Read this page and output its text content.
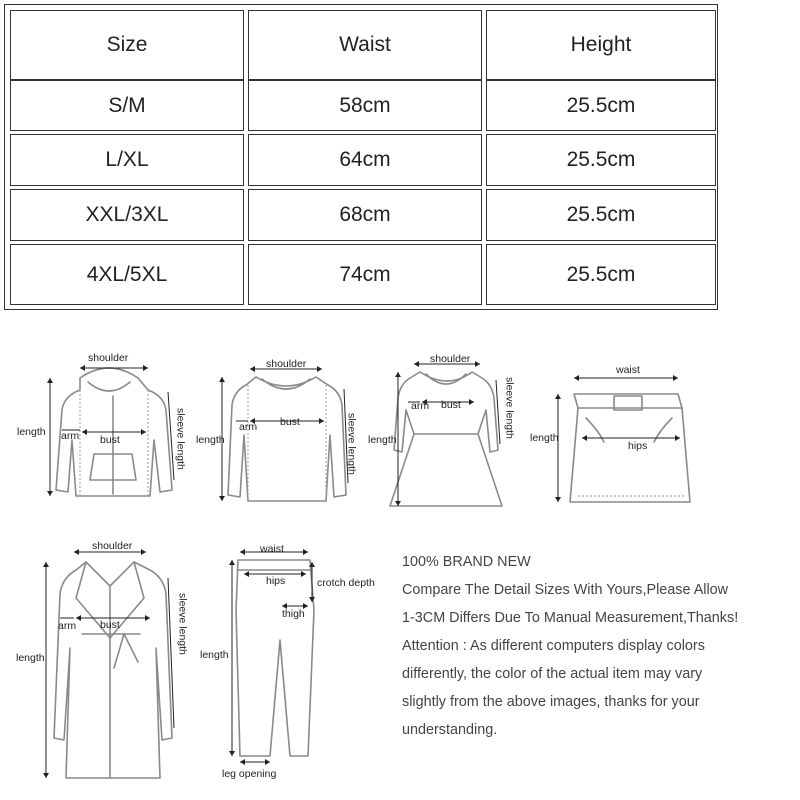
Size	Waist	Height
S/M	58cm	25.5cm
L/XL	64cm	25.5cm
XXL/3XL	68cm	25.5cm
4XL/5XL	74cm	25.5cm
shoulder
length arm bust	sleeve length
shoulder
length
arm bust	sleeve length
shoulder
length
arm bust	sleeve length
waist
length
hips
shoulder
length
arm bust	sleeve length
waist
hips	crotch depth
thigh
length
leg opening

100% BRAND NEW

Compare The Detail Sizes With Yours,Please Allow

1-3CM Differs Due To Manual Measurement,Thanks!

Attention : As different computers display colors

differently, the color of the actual item may vary

slightly from the above images, thanks for your

understanding.
